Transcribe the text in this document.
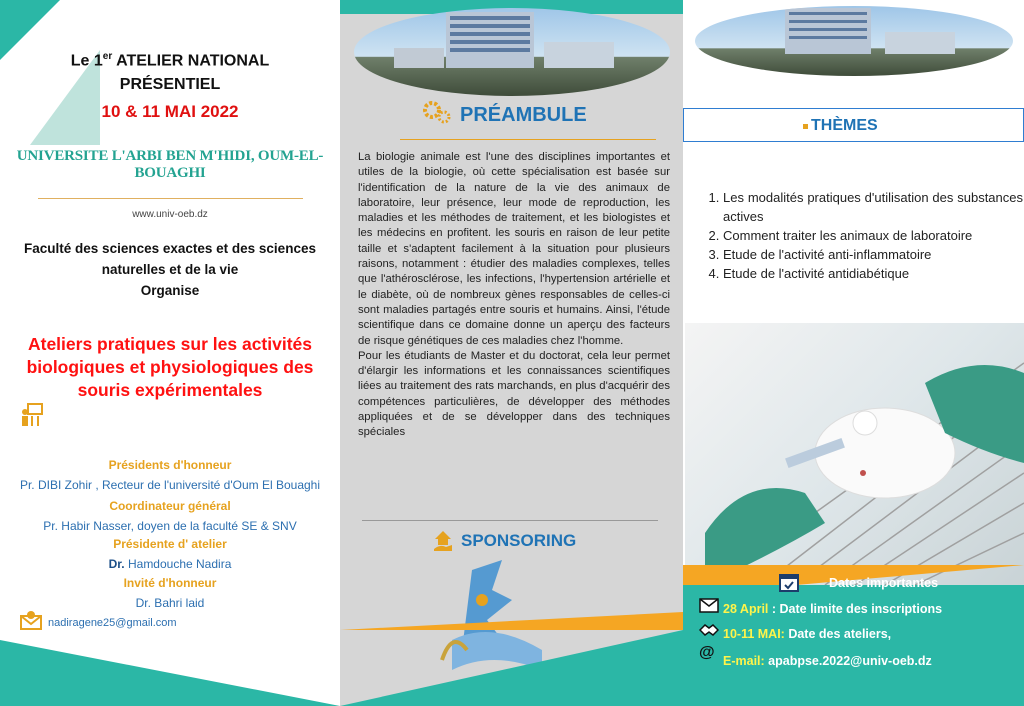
Le 1er ATELIER NATIONAL
PRÉSENTIEL
10 & 11 MAI 2022
UNIVERSITE L'ARBI BEN M'HIDI, OUM-EL-BOUAGHI
www.univ-oeb.dz
Faculté des sciences exactes et des sciences
naturelles et de la vie
Organise
Ateliers pratiques sur les activités
biologiques et physiologiques des
souris expérimentales
Présidents d'honneur
Pr. DIBI Zohir , Recteur de l'université d'Oum El Bouaghi
Coordinateur général
Pr. Habir Nasser, doyen de la faculté SE & SNV
Présidente d' atelier
Dr. Hamdouche Nadira
Invité d'honneur
Dr. Bahri laid
nadiragene25@gmail.com
PRÉAMBULE
La biologie animale est l'une des disciplines importantes et utiles de la biologie, où cette spécialisation est basée sur l'identification de la nature de la vie des animaux de laboratoire, leur présence, leur mode de reproduction, les maladies et les méthodes de traitement, et les biologistes et les médecins en profitent. les souris en raison de leur petite taille et s'adaptent facilement à la situation pour plusieurs raisons, notamment : étudier des maladies complexes, telles que l'athérosclérose, les infections, l'hypertension artérielle et le diabète, où de nombreux gènes responsables de celles-ci sont maladies partagés entre souris et humains. Ainsi, l'étude scientifique dans ce domaine donne un aperçu des facteurs de risque génétiques de ces maladies chez l'homme.
Pour les étudiants de Master et du doctorat, cela leur permet d'élargir les informations et les connaissances scientifiques liées au traitement des rats marchands, en plus d'acquérir des compétences particulières, de développer des méthodes appliquées et de se développer dans des techniques spéciales
SPONSORING
THÈMES
1. Les modalités pratiques d'utilisation des substances actives
2. Comment traiter les animaux de laboratoire
3. Etude de l'activité anti-inflammatoire
4. Etude de l'activité antidiabétique
Dates importantes
28 April : Date limite des inscriptions
10-11 MAI: Date des ateliers,
@ E-mail: apabpse.2022@univ-oeb.dz
